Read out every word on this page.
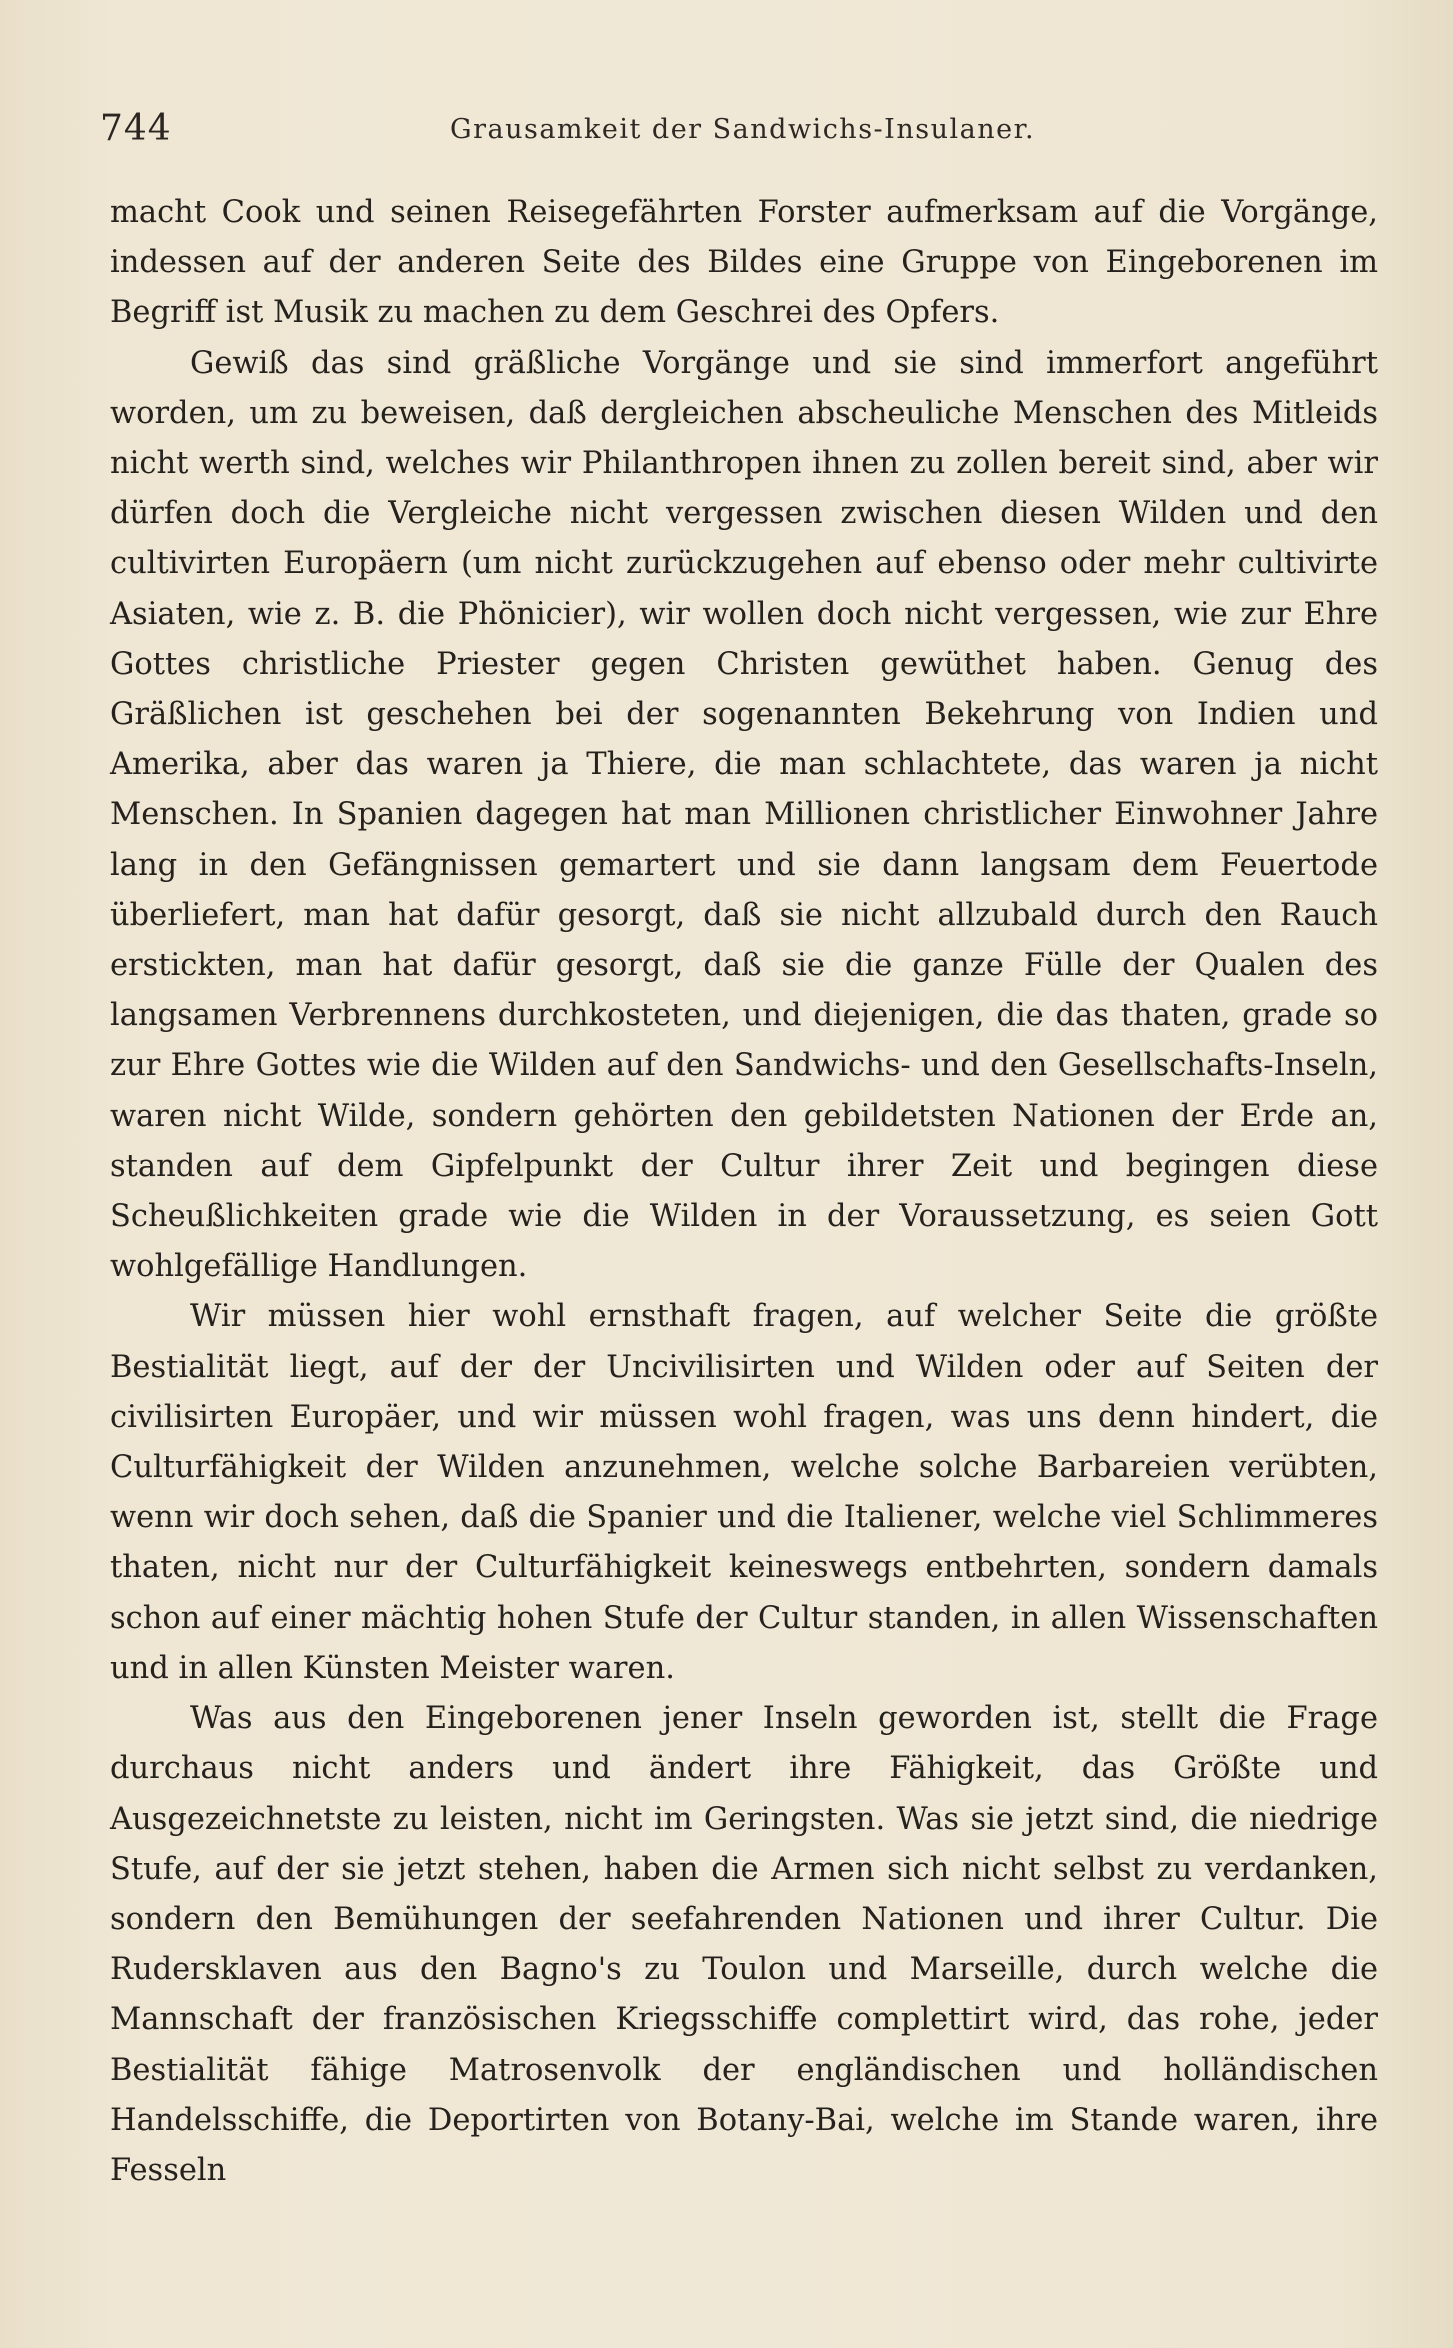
744	Grausamkeit der Sandwichs-Insulaner.

macht Cook und seinen Reisegefährten Forster aufmerksam auf die Vorgänge, indessen auf der anderen Seite des Bildes eine Gruppe von Eingeborenen im Begriff ist Musik zu machen zu dem Geschrei des Opfers.

Gewiß das sind gräßliche Vorgänge und sie sind immerfort angeführt worden, um zu beweisen, daß dergleichen abscheuliche Menschen des Mitleids nicht werth sind, welches wir Philanthropen ihnen zu zollen bereit sind, aber wir dürfen doch die Vergleiche nicht vergessen zwischen diesen Wilden und den cultivirten Europäern (um nicht zurückzugehen auf ebenso oder mehr cultivirte Asiaten, wie z. B. die Phönicier), wir wollen doch nicht vergessen, wie zur Ehre Gottes christliche Priester gegen Christen gewüthet haben. Genug des Gräßlichen ist geschehen bei der sogenannten Bekehrung von Indien und Amerika, aber das waren ja Thiere, die man schlachtete, das waren ja nicht Menschen. In Spanien dagegen hat man Millionen christlicher Einwohner Jahre lang in den Gefängnissen gemartert und sie dann langsam dem Feuertode überliefert, man hat dafür gesorgt, daß sie nicht allzubald durch den Rauch erstickten, man hat dafür gesorgt, daß sie die ganze Fülle der Qualen des langsamen Verbrennens durchkosteten, und diejenigen, die das thaten, grade so zur Ehre Gottes wie die Wilden auf den Sandwichs- und den Gesellschafts-Inseln, waren nicht Wilde, sondern gehörten den gebildetsten Nationen der Erde an, standen auf dem Gipfelpunkt der Cultur ihrer Zeit und begingen diese Scheußlichkeiten grade wie die Wilden in der Voraussetzung, es seien Gott wohlgefällige Handlungen.

Wir müssen hier wohl ernsthaft fragen, auf welcher Seite die größte Bestialität liegt, auf der der Uncivilisirten und Wilden oder auf Seiten der civilisirten Europäer, und wir müssen wohl fragen, was uns denn hindert, die Culturfähigkeit der Wilden anzunehmen, welche solche Barbareien verübten, wenn wir doch sehen, daß die Spanier und die Italiener, welche viel Schlimmeres thaten, nicht nur der Culturfähigkeit keineswegs entbehrten, sondern damals schon auf einer mächtig hohen Stufe der Cultur standen, in allen Wissenschaften und in allen Künsten Meister waren.

Was aus den Eingeborenen jener Inseln geworden ist, stellt die Frage durchaus nicht anders und ändert ihre Fähigkeit, das Größte und Ausgezeichnetste zu leisten, nicht im Geringsten. Was sie jetzt sind, die niedrige Stufe, auf der sie jetzt stehen, haben die Armen sich nicht selbst zu verdanken, sondern den Bemühungen der seefahrenden Nationen und ihrer Cultur. Die Rudersklaven aus den Bagno's zu Toulon und Marseille, durch welche die Mannschaft der französischen Kriegsschiffe complettirt wird, das rohe, jeder Bestialität fähige Matrosenvolk der engländischen und holländischen Handelsschiffe, die Deportirten von Botany-Bai, welche im Stande waren, ihre Fesseln
